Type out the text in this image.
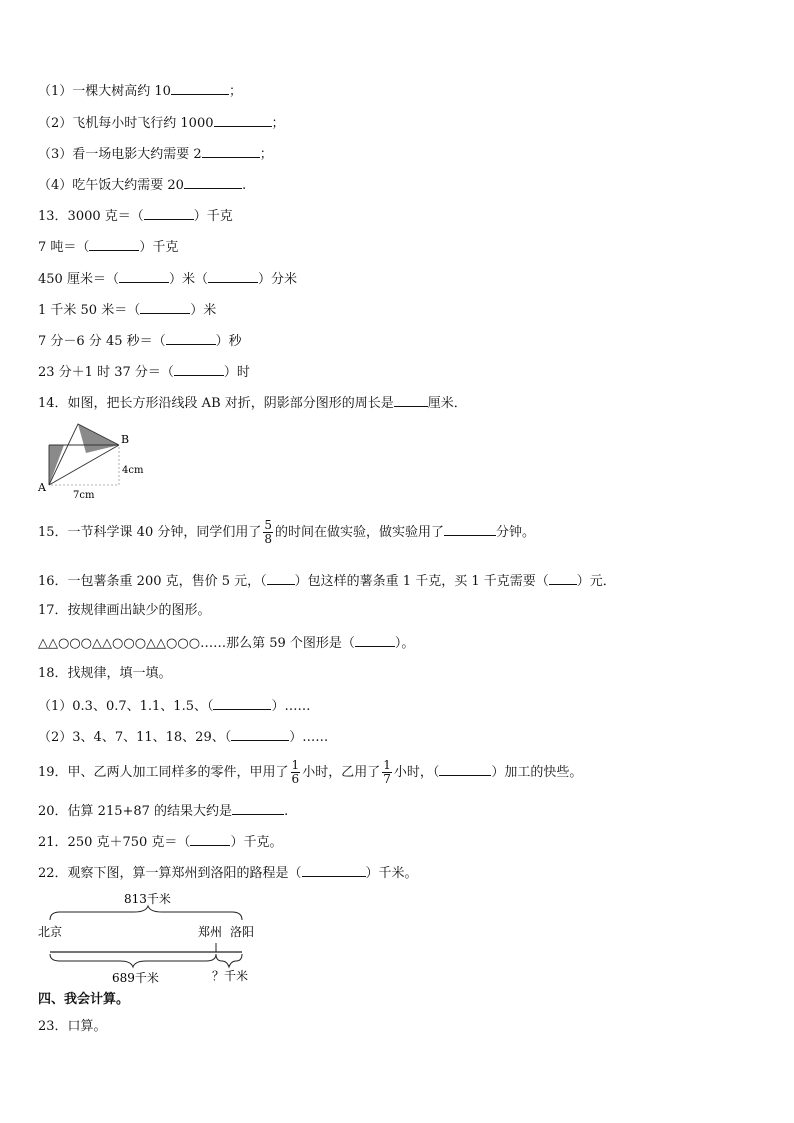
（1）一棵大树高约 10	；
（2）飞机每小时飞行约 1000	；
（3）看一场电影大约需要 2	；
（4）吃午饭大约需要 20	.
13．3000 克＝（	）千克
7 吨＝（	）千克
450 厘米＝（	）米（	）分米
1 千米 50 米＝（	）米
7 分－6 分 45 秒＝（	）秒
23 分＋1 时 37 分＝（	）时
14．如图，把长方形沿线段 AB 对折，阴影部分图形的周长是	厘米．
A
B
4cm
7cm
15．一节科学课 40 分钟，同学们用了 $\frac{5}{8}$ 的时间在做实验，做实验用了	分钟。
16．一包薯条重 200 克，售价 5 元，（ ）包这样的薯条重 1 千克，买 1 千克需要（ ）元．
17．按规律画出缺少的图形。
△△○○○△△○○○△△○○○……那么第 59 个图形是（	）。
18．找规律，填一填。
（1）0.3、0.7、1.1、1.5、（	）……
（2）3、4、7、11、18、29、（	）……
19．甲、乙两人加工同样多的零件，甲用了 $\frac{1}{6}$ 小时，乙用了 $\frac{1}{7}$ 小时，（	）加工的快些。
20．估算 215+87 的结果大约是	.
21．250 克＋750 克＝（	）千克。
22．观察下图，算一算郑州到洛阳的路程是（	）千米。
813千米
北京	郑州 洛阳
689千米	？千米
四、我会计算。
23．口算。
